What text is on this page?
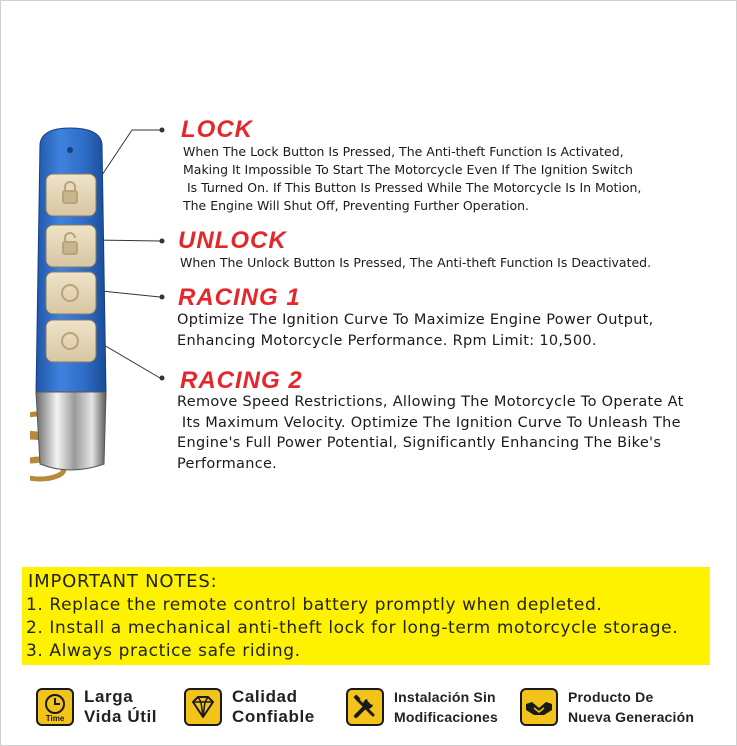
LOCK
When The Lock Button Is Pressed, The Anti-theft Function Is Activated,
Making It Impossible To Start The Motorcycle Even If The Ignition Switch
Is Turned On. If This Button Is Pressed While The Motorcycle Is In Motion,
The Engine Will Shut Off, Preventing Further Operation.
UNLOCK
When The Unlock Button Is Pressed, The Anti-theft Function Is Deactivated.
RACING 1
Optimize The Ignition Curve To Maximize Engine Power Output,
Enhancing Motorcycle Performance. Rpm Limit: 10,500.
RACING 2
Remove Speed Restrictions, Allowing The Motorcycle To Operate At
Its Maximum Velocity. Optimize The Ignition Curve To Unleash The
Engine's Full Power Potential, Significantly Enhancing The Bike's
Performance.
IMPORTANT NOTES:
1. Replace the remote control battery promptly when depleted.
2. Install a mechanical anti-theft lock for long-term motorcycle storage.
3. Always practice safe riding.
Time
Larga
Vida Útil
Calidad
Confiable
Instalación Sin
Modificaciones
Producto De
Nueva Generación
